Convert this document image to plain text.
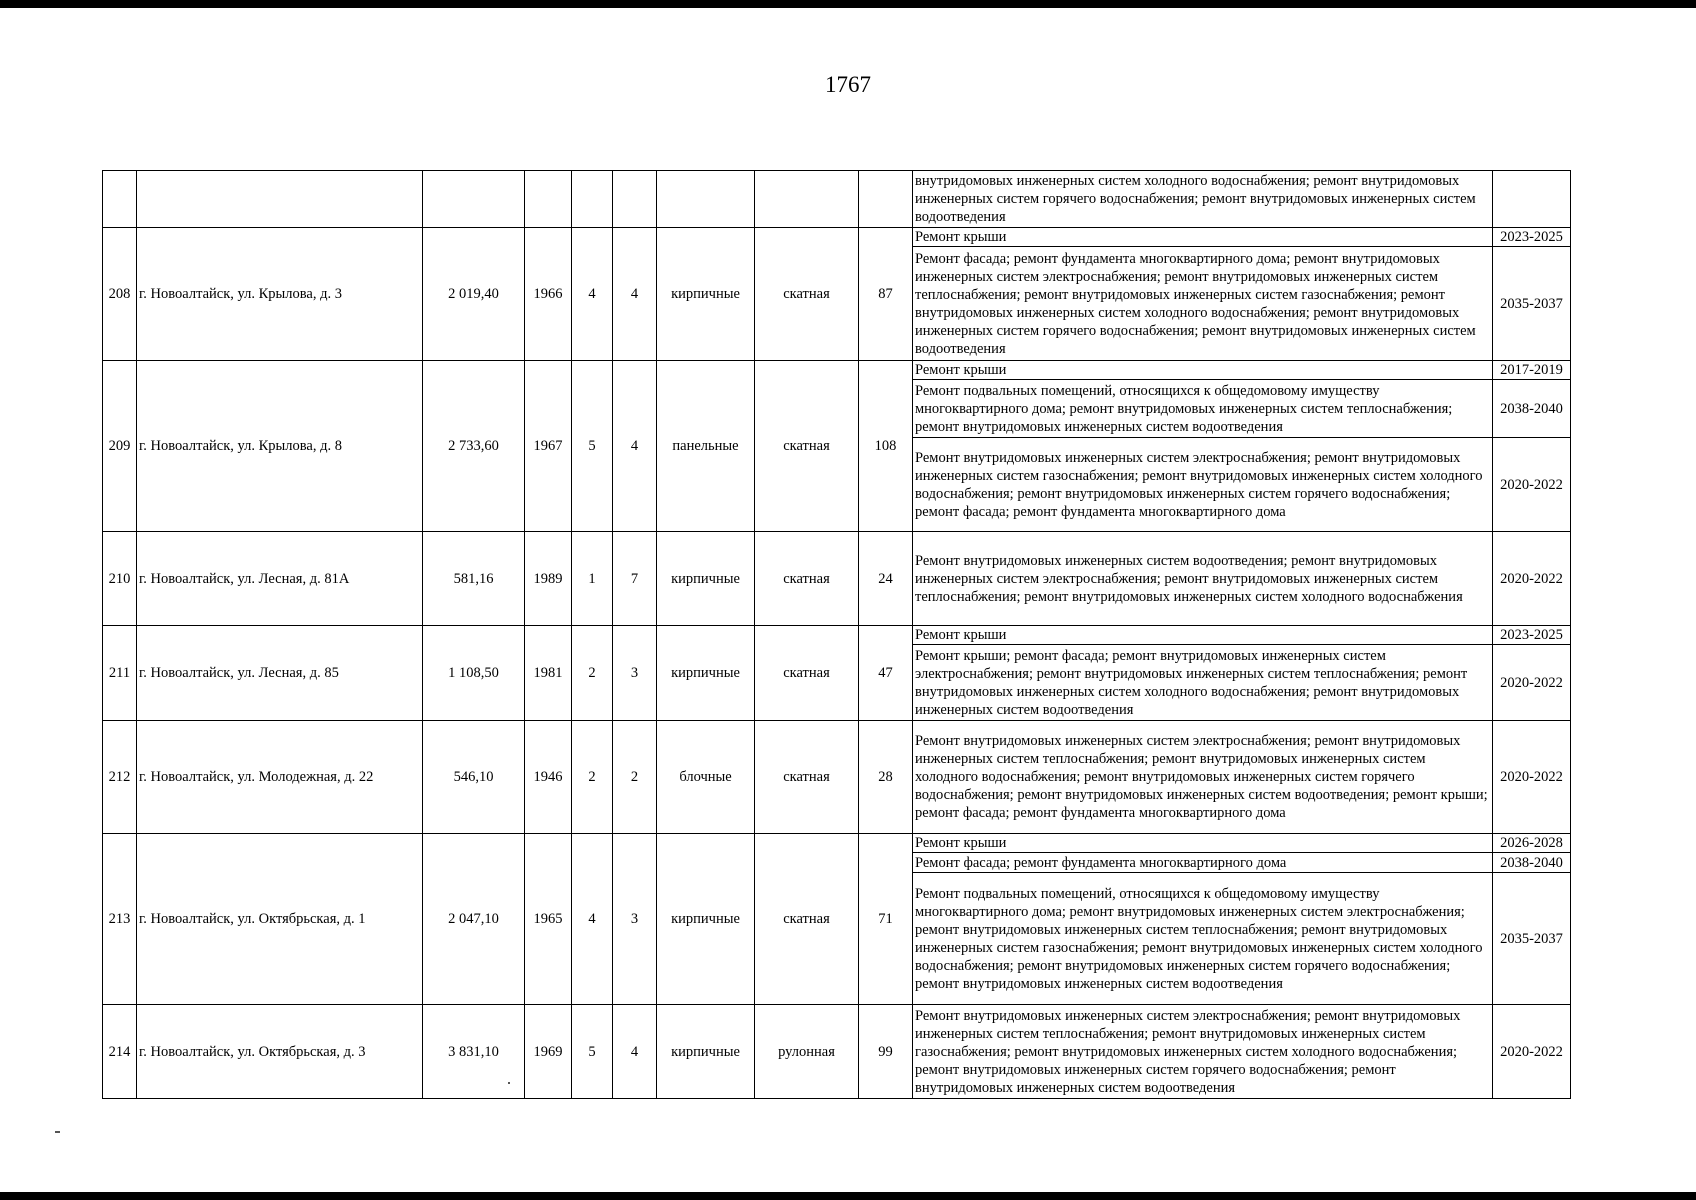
1767
									внутридомовых инженерных систем холодного водоснабжения; ремонт внутридомовых инженерных систем горячего водоснабжения; ремонт внутридомовых инженерных систем водоотведения	
208	г. Новоалтайск, ул. Крылова, д. 3	2 019,40	1966	4	4	кирпичные	скатная	87	Ремонт крыши	2023-2025
									Ремонт фасада; ремонт фундамента многоквартирного дома; ремонт внутридомовых инженерных систем электроснабжения; ремонт внутридомовых инженерных систем теплоснабжения; ремонт внутридомовых инженерных систем газоснабжения; ремонт внутридомовых инженерных систем холодного водоснабжения; ремонт внутридомовых инженерных систем горячего водоснабжения; ремонт внутридомовых инженерных систем водоотведения	2035-2037
209	г. Новоалтайск, ул. Крылова, д. 8	2 733,60	1967	5	4	панельные	скатная	108	Ремонт крыши	2017-2019
									Ремонт подвальных помещений, относящихся к общедомовому имуществу многоквартирного дома; ремонт внутридомовых инженерных систем теплоснабжения; ремонт внутридомовых инженерных систем водоотведения	2038-2040
									Ремонт внутридомовых инженерных систем электроснабжения; ремонт внутридомовых инженерных систем газоснабжения; ремонт внутридомовых инженерных систем холодного водоснабжения; ремонт внутридомовых инженерных систем горячего водоснабжения; ремонт фасада; ремонт фундамента многоквартирного дома	2020-2022
210	г. Новоалтайск, ул. Лесная, д. 81А	581,16	1989	1	7	кирпичные	скатная	24	Ремонт внутридомовых инженерных систем водоотведения; ремонт внутридомовых инженерных систем электроснабжения; ремонт внутридомовых инженерных систем теплоснабжения; ремонт внутридомовых инженерных систем холодного водоснабжения	2020-2022
211	г. Новоалтайск, ул. Лесная, д. 85	1 108,50	1981	2	3	кирпичные	скатная	47	Ремонт крыши	2023-2025
									Ремонт крыши; ремонт фасада; ремонт внутридомовых инженерных систем электроснабжения; ремонт внутридомовых инженерных систем теплоснабжения; ремонт внутридомовых инженерных систем холодного водоснабжения; ремонт внутридомовых инженерных систем водоотведения	2020-2022
212	г. Новоалтайск, ул. Молодежная, д. 22	546,10	1946	2	2	блочные	скатная	28	Ремонт внутридомовых инженерных систем электроснабжения; ремонт внутридомовых инженерных систем теплоснабжения; ремонт внутридомовых инженерных систем холодного водоснабжения; ремонт внутридомовых инженерных систем горячего водоснабжения; ремонт внутридомовых инженерных систем водоотведения; ремонт крыши; ремонт фасада; ремонт фундамента многоквартирного дома	2020-2022
213	г. Новоалтайск, ул. Октябрьская, д. 1	2 047,10	1965	4	3	кирпичные	скатная	71	Ремонт крыши	2026-2028
									Ремонт фасада; ремонт фундамента многоквартирного дома	2038-2040
									Ремонт подвальных помещений, относящихся к общедомовому имуществу многоквартирного дома; ремонт внутридомовых инженерных систем электроснабжения; ремонт внутридомовых инженерных систем теплоснабжения; ремонт внутридомовых инженерных систем газоснабжения; ремонт внутридомовых инженерных систем холодного водоснабжения; ремонт внутридомовых инженерных систем горячего водоснабжения; ремонт внутридомовых инженерных систем водоотведения	2035-2037
214	г. Новоалтайск, ул. Октябрьская, д. 3	3 831,10	1969	5	4	кирпичные	рулонная	99	Ремонт внутридомовых инженерных систем электроснабжения; ремонт внутридомовых инженерных систем теплоснабжения; ремонт внутридомовых инженерных систем газоснабжения; ремонт внутридомовых инженерных систем холодного водоснабжения; ремонт внутридомовых инженерных систем горячего водоснабжения; ремонт внутридомовых инженерных систем водоотведения	2020-2022
